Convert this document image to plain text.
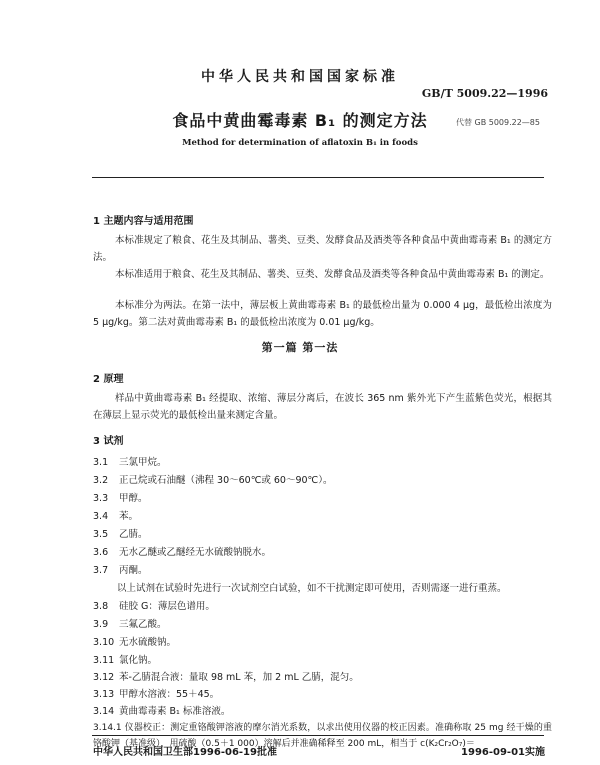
中华人民共和国国家标准
GB/T 5009.22—1996
食品中黄曲霉毒素 B₁ 的测定方法	代替 GB 5009.22—85
Method for determination of aflatoxin B₁ in foods
1 主题内容与适用范围
本标准规定了粮食、花生及其制品、薯类、豆类、发酵食品及酒类等各种食品中黄曲霉毒素 B₁ 的测定方法。
本标准适用于粮食、花生及其制品、薯类、豆类、发酵食品及酒类等各种食品中黄曲霉毒素 B₁ 的测定。
本标准分为两法。在第一法中，薄层板上黄曲霉毒素 B₁ 的最低检出量为 0.000 4 μg，最低检出浓度为 5 μg/kg。第二法对黄曲霉毒素 B₁ 的最低检出浓度为 0.01 μg/kg。
第一篇 第一法
2 原理
样品中黄曲霉毒素 B₁ 经提取、浓缩、薄层分离后，在波长 365 nm 紫外光下产生蓝紫色荧光，根据其在薄层上显示荧光的最低检出量来测定含量。
3 试剂
3.1 三氯甲烷。
3.2 正己烷或石油醚（沸程 30～60℃或 60～90℃）。
3.3 甲醇。
3.4 苯。
3.5 乙腈。
3.6 无水乙醚或乙醚经无水硫酸钠脱水。
3.7 丙酮。
以上试剂在试验时先进行一次试剂空白试验，如不干扰测定即可使用，否则需逐一进行重蒸。
3.8 硅胶 G：薄层色谱用。
3.9 三氟乙酸。
3.10 无水硫酸钠。
3.11 氯化钠。
3.12 苯-乙腈混合液：量取 98 mL 苯，加 2 mL 乙腈，混匀。
3.13 甲醇水溶液：55＋45。
3.14 黄曲霉毒素 B₁ 标准溶液。
3.14.1 仪器校正：测定重铬酸钾溶液的摩尔消光系数，以求出使用仪器的校正因素。准确称取 25 mg 经干燥的重铬酸钾（基准级），用硫酸（0.5＋1 000）溶解后并准确稀释至 200 mL，相当于 c(K₂Cr₂O₇)＝
中华人民共和国卫生部1996-06-19批准	1996-09-01实施
